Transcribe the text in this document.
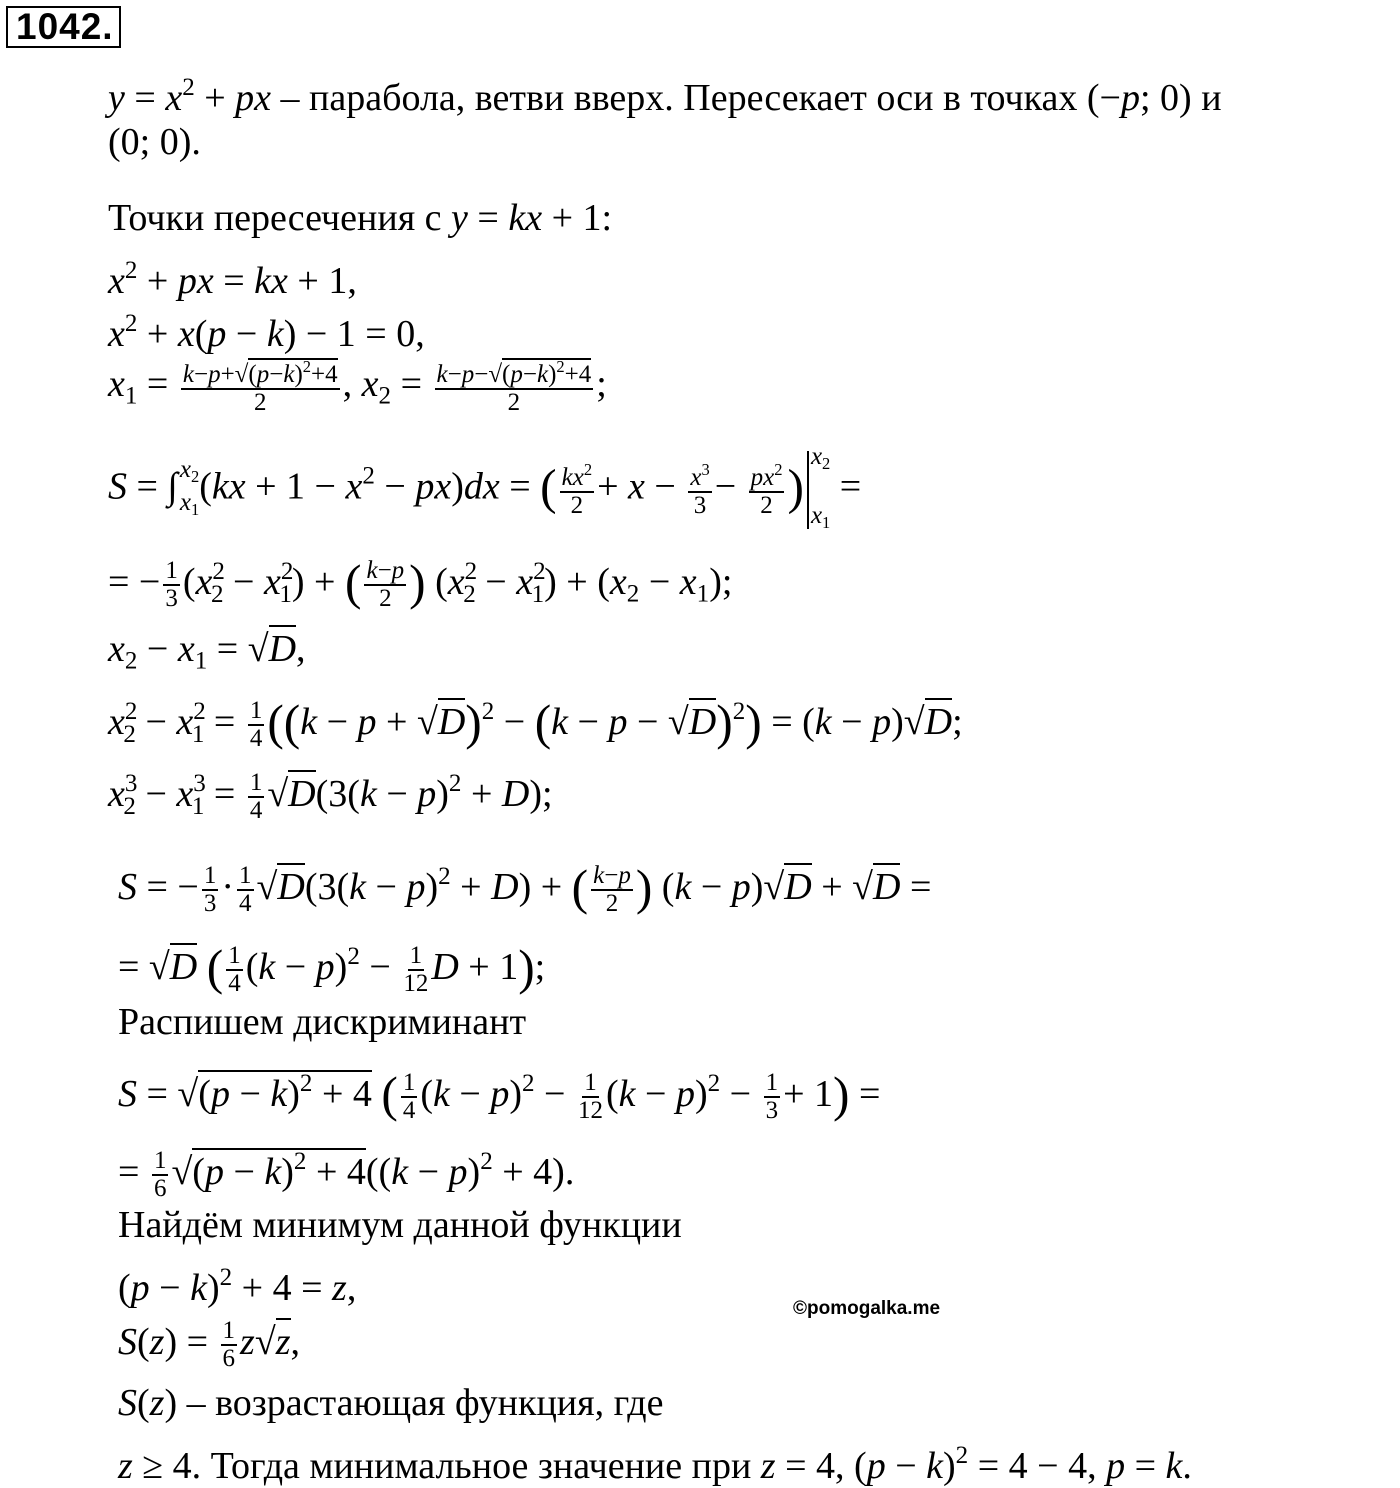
1042.
$y = x^2$ + px – парабола, ветви вверх. Пересекает оси в точках (−p; 0) и
(0; 0).
Точки пересечения с y = kx + 1:
$x^2$ + px = kx + 1,
$x^2 + x(p - k) - 1 = 0$,
$x1 = \frac{k-p+√(p-k)^2+4}{2}$ , $x2 = \frac{k-p-√(p-k)^2+4}{2}$ ;
S = ∫ x2
x1
$(kx + 1 - x^2 - px)dx$ = ( $\frac{kx^2}{2} + x - \frac{x^3}{3} - \frac{px^2}{2}$ )
x2

x1
=
= − $\frac{1}{3} (x^22 - x^21)$ + ( $\frac{k-p}{2}$ ) $(x^22 - x^21) + (x2 - x1)$;
x2 − x1 = √D,
$x^22 - x^21 = \frac{1}{4} ((k - p + √D)^2 - (k - p - √D)^2) = (k - p)√D$;
$x^32 - x^31 = \frac{1}{4} √D(3(k - p)^2 + D)$;
S = − $\frac{1}{3} \cdot \frac{1}{4} √D(3(k - p)^2 + D)$ + ( $\frac{k-p}{2}$ ) (k − p)√D + √D =
= √D ( $\frac{1}{4} (k - p)^2 - \frac{1}{12}$ D + 1);
Распишем дискриминант
$S = √(p - k)^2 + 4$ ( $\frac{1}{4} (k - p)^2 - \frac{1}{12} (k - p)^2 - \frac{1}{3} + 1$) =
= $\frac{1}{6} √(p - k)^2 + 4((k - p)^2 + 4)$.
Найдём минимум данной функции
$(p - k)^2 + 4 = z$,
$S(z) = \frac{1}{6} z√z$,
S(z) – возрастающая функция, где
z ≥ 4. Тогда минимальное значение при z = 4, $(p - k)^2 = 4 - 4$, p = k.
©pomogalka.me
